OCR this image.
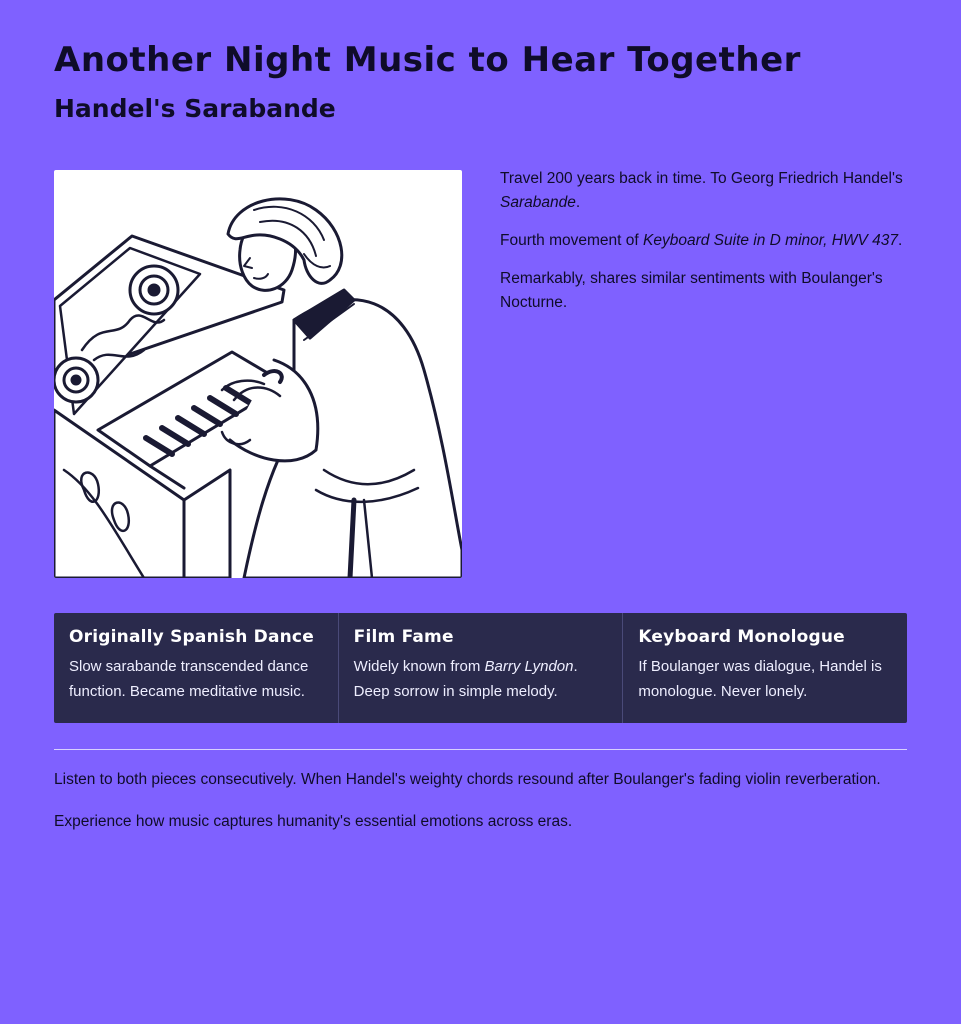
Another Night Music to Hear Together
Handel's Sarabande

Travel 200 years back in time. To Georg Friedrich Handel's Sarabande.

Fourth movement of Keyboard Suite in D minor, HWV 437.

Remarkably, shares similar sentiments with Boulanger's Nocturne.

Originally Spanish Dance

Slow sarabande transcended dance function. Became meditative music.

Film Fame

Widely known from Barry Lyndon. Deep sorrow in simple melody.

Keyboard Monologue

If Boulanger was dialogue, Handel is monologue. Never lonely.

Listen to both pieces consecutively. When Handel's weighty chords resound after Boulanger's fading violin reverberation.

Experience how music captures humanity's essential emotions across eras.
